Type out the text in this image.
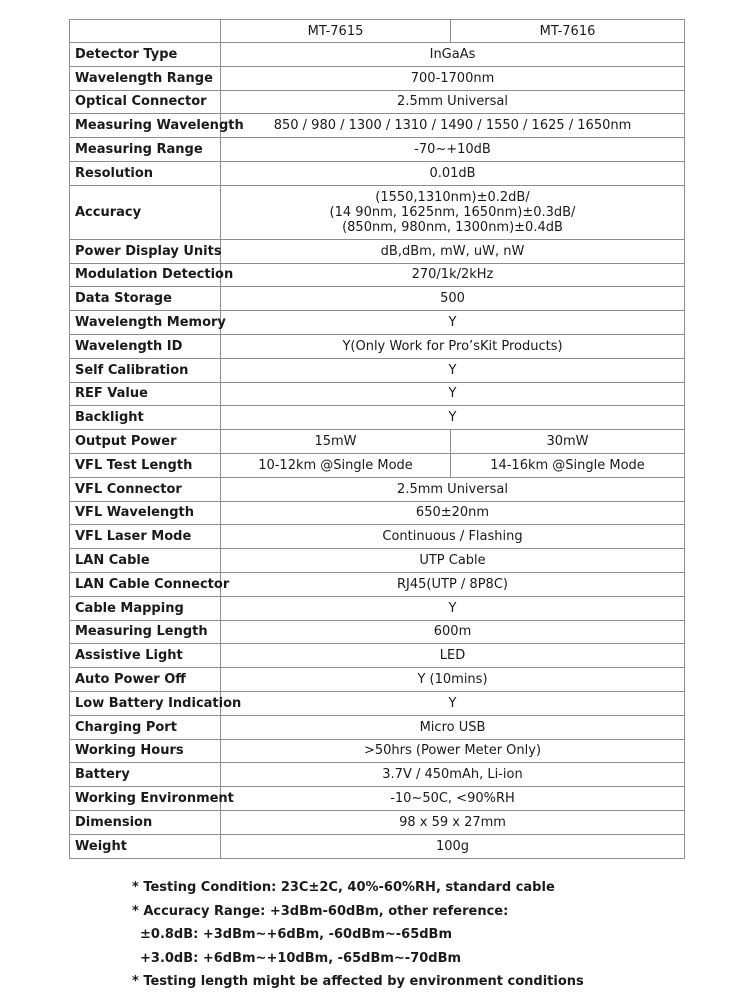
	MT-7615	MT-7616
Detector Type	InGaAs	
Wavelength Range	700-1700nm	
Optical Connector	2.5mm Universal	
Measuring Wavelength	850 / 980 / 1300 / 1310 / 1490 / 1550 / 1625 / 1650nm	
Measuring Range	-70~+10dB	
Resolution	0.01dB	
Accuracy	(1550,1310nm)±0.2dB/
(14 90nm, 1625nm, 1650nm)±0.3dB/
(850nm, 980nm, 1300nm)±0.4dB	

Power Display Units	dB,dBm, mW, uW, nW	
Modulation Detection	270/1k/2kHz	
Data Storage	500	
Wavelength Memory	Y	
Wavelength ID	Y(Only Work for Pro’sKit Products)	
Self Calibration	Y	
REF Value	Y	
Backlight	Y	
Output Power	15mW	30mW
VFL Test Length	10-12km @Single Mode	14-16km @Single Mode
VFL Connector	2.5mm Universal	
VFL Wavelength	650±20nm	
VFL Laser Mode	Continuous / Flashing	
LAN Cable	UTP Cable	
LAN Cable Connector	RJ45(UTP / 8P8C)	
Cable Mapping	Y	
Measuring Length	600m	
Assistive Light	LED	
Auto Power Off	Y (10mins)	
Low Battery Indication	Y	
Charging Port	Micro USB	
Working Hours	>50hrs (Power Meter Only)	
Battery	3.7V / 450mAh, Li-ion	
Working Environment	-10~50C, <90%RH	
Dimension	98 x 59 x 27mm	
Weight	100g	
* Testing Condition: 23C±2C, 40%-60%RH, standard cable
* Accuracy Range: +3dBm-60dBm, other reference:
±0.8dB: +3dBm~+6dBm, -60dBm~-65dBm
+3.0dB: +6dBm~+10dBm, -65dBm~-70dBm
* Testing length might be affected by environment conditions
